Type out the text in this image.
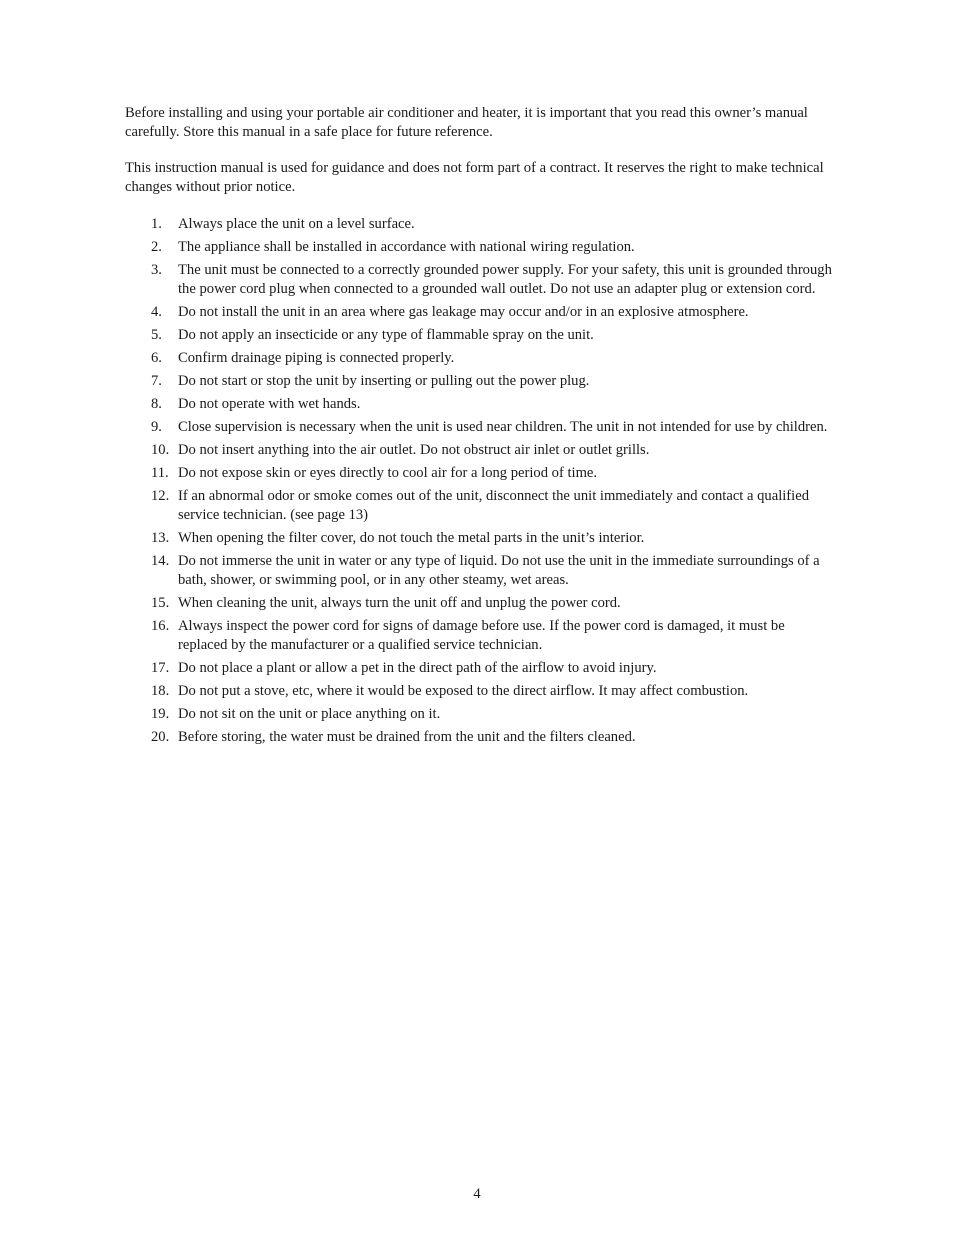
Before installing and using your portable air conditioner and heater, it is important that you read this owner’s manual carefully. Store this manual in a safe place for future reference.

This instruction manual is used for guidance and does not form part of a contract. It reserves the right to make technical changes without prior notice.

1. Always place the unit on a level surface.
2. The appliance shall be installed in accordance with national wiring regulation.
3. The unit must be connected to a correctly grounded power supply. For your safety, this unit is grounded through the power cord plug when connected to a grounded wall outlet. Do not use an adapter plug or extension cord.
4. Do not install the unit in an area where gas leakage may occur and/or in an explosive atmosphere.
5. Do not apply an insecticide or any type of flammable spray on the unit.
6. Confirm drainage piping is connected properly.
7. Do not start or stop the unit by inserting or pulling out the power plug.
8. Do not operate with wet hands.
9. Close supervision is necessary when the unit is used near children. The unit in not intended for use by children.
10. Do not insert anything into the air outlet. Do not obstruct air inlet or outlet grills.
11. Do not expose skin or eyes directly to cool air for a long period of time.
12. If an abnormal odor or smoke comes out of the unit, disconnect the unit immediately and contact a qualified service technician. (see page 13)
13. When opening the filter cover, do not touch the metal parts in the unit’s interior.
14. Do not immerse the unit in water or any type of liquid. Do not use the unit in the immediate surroundings of a bath, shower, or swimming pool, or in any other steamy, wet areas.
15. When cleaning the unit, always turn the unit off and unplug the power cord.
16. Always inspect the power cord for signs of damage before use. If the power cord is damaged, it must be replaced by the manufacturer or a qualified service technician.
17. Do not place a plant or allow a pet in the direct path of the airflow to avoid injury.
18. Do not put a stove, etc, where it would be exposed to the direct airflow. It may affect combustion.
19. Do not sit on the unit or place anything on it.
20. Before storing, the water must be drained from the unit and the filters cleaned.
4
